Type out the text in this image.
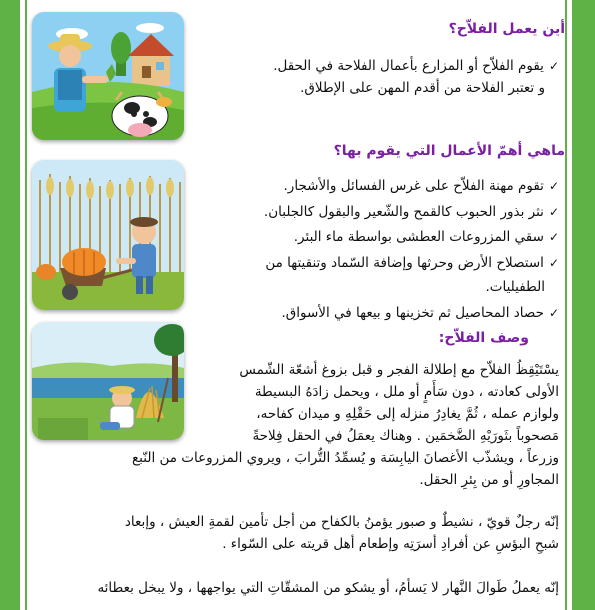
أين يعمل الفلاّح؟
✓يقوم الفلاّح أو المزارع بأعمال الفلاحة في الحقل.
و تعتبر الفلاحة من أقدم المهن على الإطلاق.
ماهي أهمّ الأعمال التي يقوم بها؟
✓تقوم مهنة الفلاّح على غرس الفسائل والأشجار.
✓نثر بذور الحبوب كالقمح والشّعير والبقول كالجلبان.
✓سقي المزروعات العطشى بواسطة ماء البئر.
✓استصلاح الأرض وحرثها وإضافة السّماد وتنقيتها من
الطفيليات.
✓حصاد المحاصيل ثم تخزينها و بيعها في الأسواق.
وصف الفلاّح:
يسْتَيْقِظُ الفلاّح مع إطلالة الفجر و قبل بزوغ أشعّة الشّمس
الأولى كعادته ، دون سَأَمٍ أو ملل ، ويحمل زادَهُ البسيطة
ولوازم عمله ، ثُمَّ يغادِرُ منزله إلى حَقْلِهِ و ميدان كفاحه،
مَصحوباً بثَورَيْهِ الضَّخمَين . وهناك يعمَلُ في الحقل فِلاحةً
وزرعاً ، ويشذّب الأغصانَ اليابِسَة و يُسمِّدُ التُّرابَ ، ويروي المزروعات من النّبع
المجاورِ أو من بِئرِ الحقل.
إنّه رجلٌ قويّ ، نشيطٌ و صبور يؤمنُ بالكفاح من أجل تأمين لقمةِ العيش ، وإبعاد
شبحِ البؤسِ عن أفرادِ أسرَتِه وإطعام أهل قريته على السّواء .
إنّه يعملُ طَوالَ النَّهار لا يَسأمُ، أو يشكو من المشقّاتِ التي يواجهها ، ولا يبخل بعطائه
